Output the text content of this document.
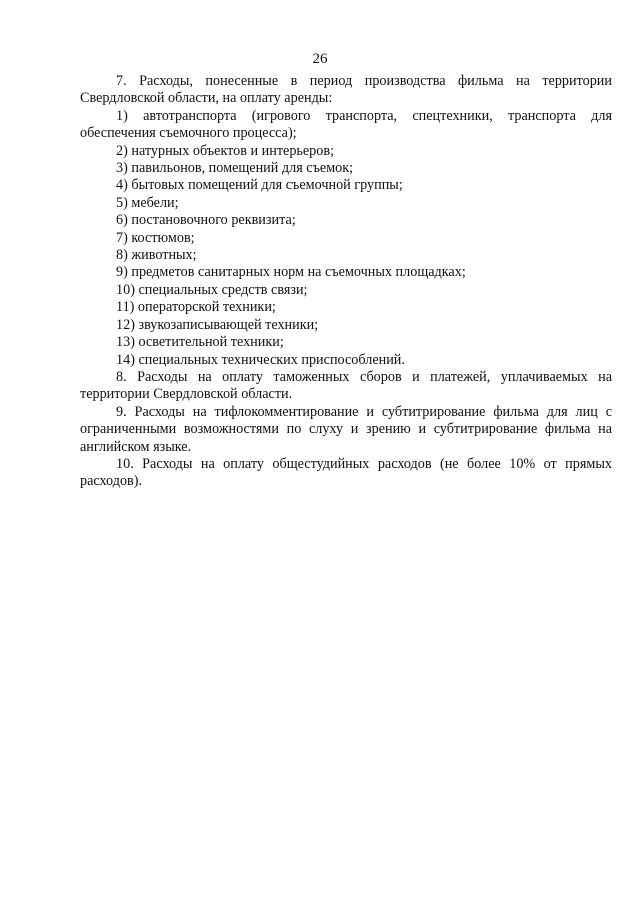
26
7. Расходы, понесенные в период производства фильма на территории
Свердловской области, на оплату аренды:
1) автотранспорта (игрового транспорта, спецтехники, транспорта для
обеспечения съемочного процесса);

2) натурных объектов и интерьеров;

3) павильонов, помещений для съемок;

4) бытовых помещений для съемочной группы;

5) мебели;

6) постановочного реквизита;

7) костюмов;

8) животных;

9) предметов санитарных норм на съемочных площадках;

10) специальных средств связи;

11) операторской техники;

12) звукозаписывающей техники;

13) осветительной техники;

14) специальных технических приспособлений.

8. Расходы на оплату таможенных сборов и платежей, уплачиваемых на
территории Свердловской области.
9. Расходы на тифлокомментирование и субтитрирование фильма для лиц с
ограниченными возможностями по слуху и зрению и субтитрирование фильма на
английском языке.
10. Расходы на оплату общестудийных расходов (не более 10% от прямых
расходов).
